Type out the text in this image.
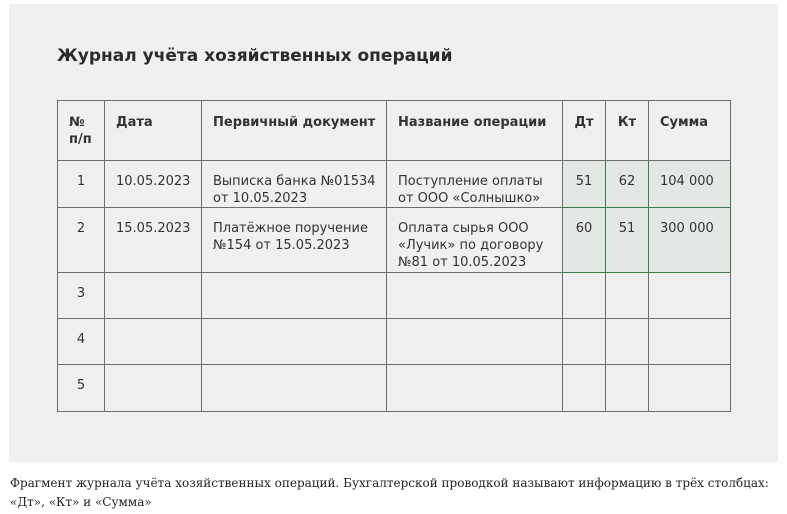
Журнал учёта хозяйственных операций
№ п/п	Дата	Первичный документ	Название операции	Дт	Кт	Сумма
1	10.05.2023	Выписка банка №01534 от 10.05.2023	Поступление оплаты от ООО «Солнышко»	51	62	104 000
2	15.05.2023	Платёжное поручение №154 от 15.05.2023	Оплата сырья ООО «Лучик» по договору №81 от 10.05.2023	60	51	300 000
3						
4						
5						

Фрагмент журнала учёта хозяйственных операций. Бухгалтерской проводкой называют информацию в трёх столбцах: «Дт», «Кт» и «Сумма»
